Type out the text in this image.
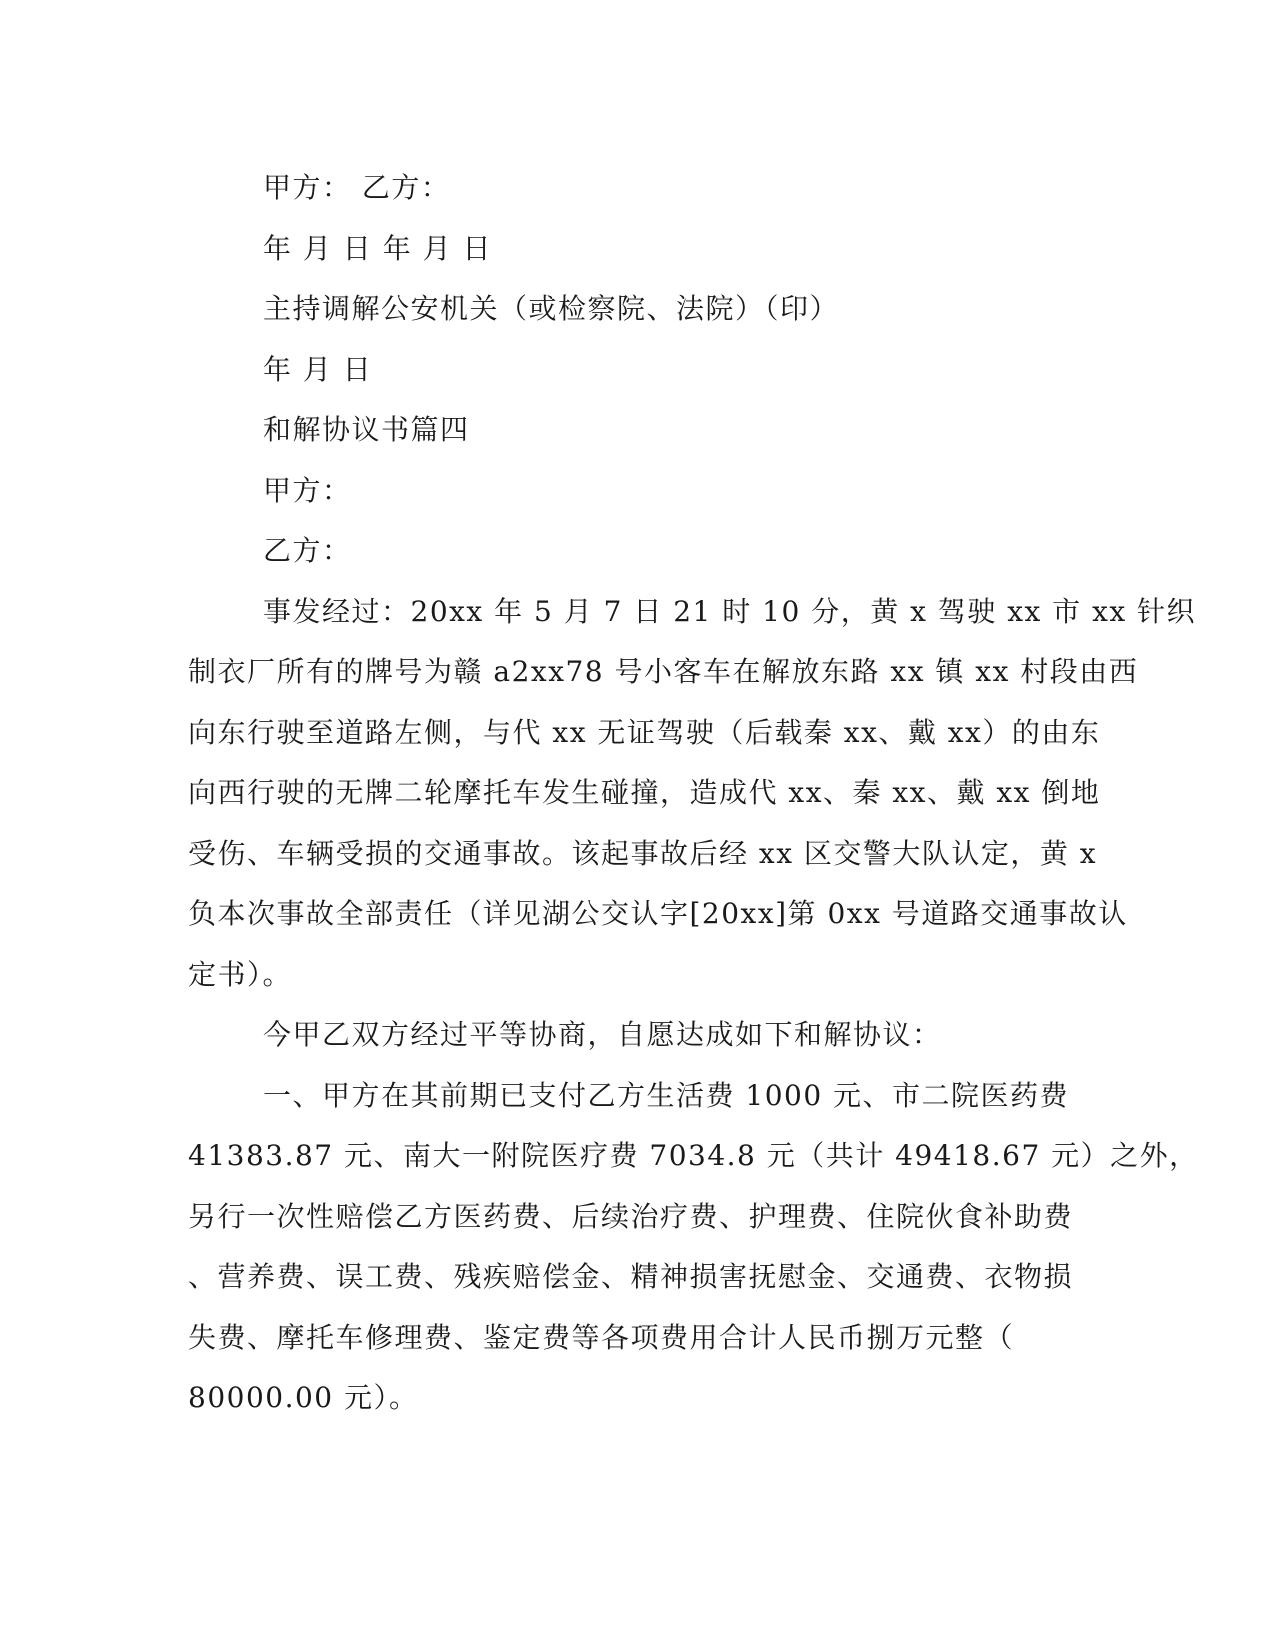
甲方： 乙方：
年 月 日 年 月 日
主持调解公安机关（或检察院、法院）（印）
年 月 日
和解协议书篇四
甲方：
乙方：
事发经过：20xx 年 5 月 7 日 21 时 10 分，黄 x 驾驶 xx 市 xx 针织
制衣厂所有的牌号为赣 a2xx78 号小客车在解放东路 xx 镇 xx 村段由西
向东行驶至道路左侧，与代 xx 无证驾驶（后载秦 xx、戴 xx）的由东
向西行驶的无牌二轮摩托车发生碰撞，造成代 xx、秦 xx、戴 xx 倒地
受伤、车辆受损的交通事故。该起事故后经 xx 区交警大队认定，黄 x
负本次事故全部责任（详见湖公交认字[20xx]第 0xx 号道路交通事故认
定书）。
今甲乙双方经过平等协商，自愿达成如下和解协议：
一、甲方在其前期已支付乙方生活费 1000 元、市二院医药费
41383.87 元、南大一附院医疗费 7034.8 元（共计 49418.67 元）之外，
另行一次性赔偿乙方医药费、后续治疗费、护理费、住院伙食补助费
、营养费、误工费、残疾赔偿金、精神损害抚慰金、交通费、衣物损
失费、摩托车修理费、鉴定费等各项费用合计人民币捌万元整（
80000.00 元）。
